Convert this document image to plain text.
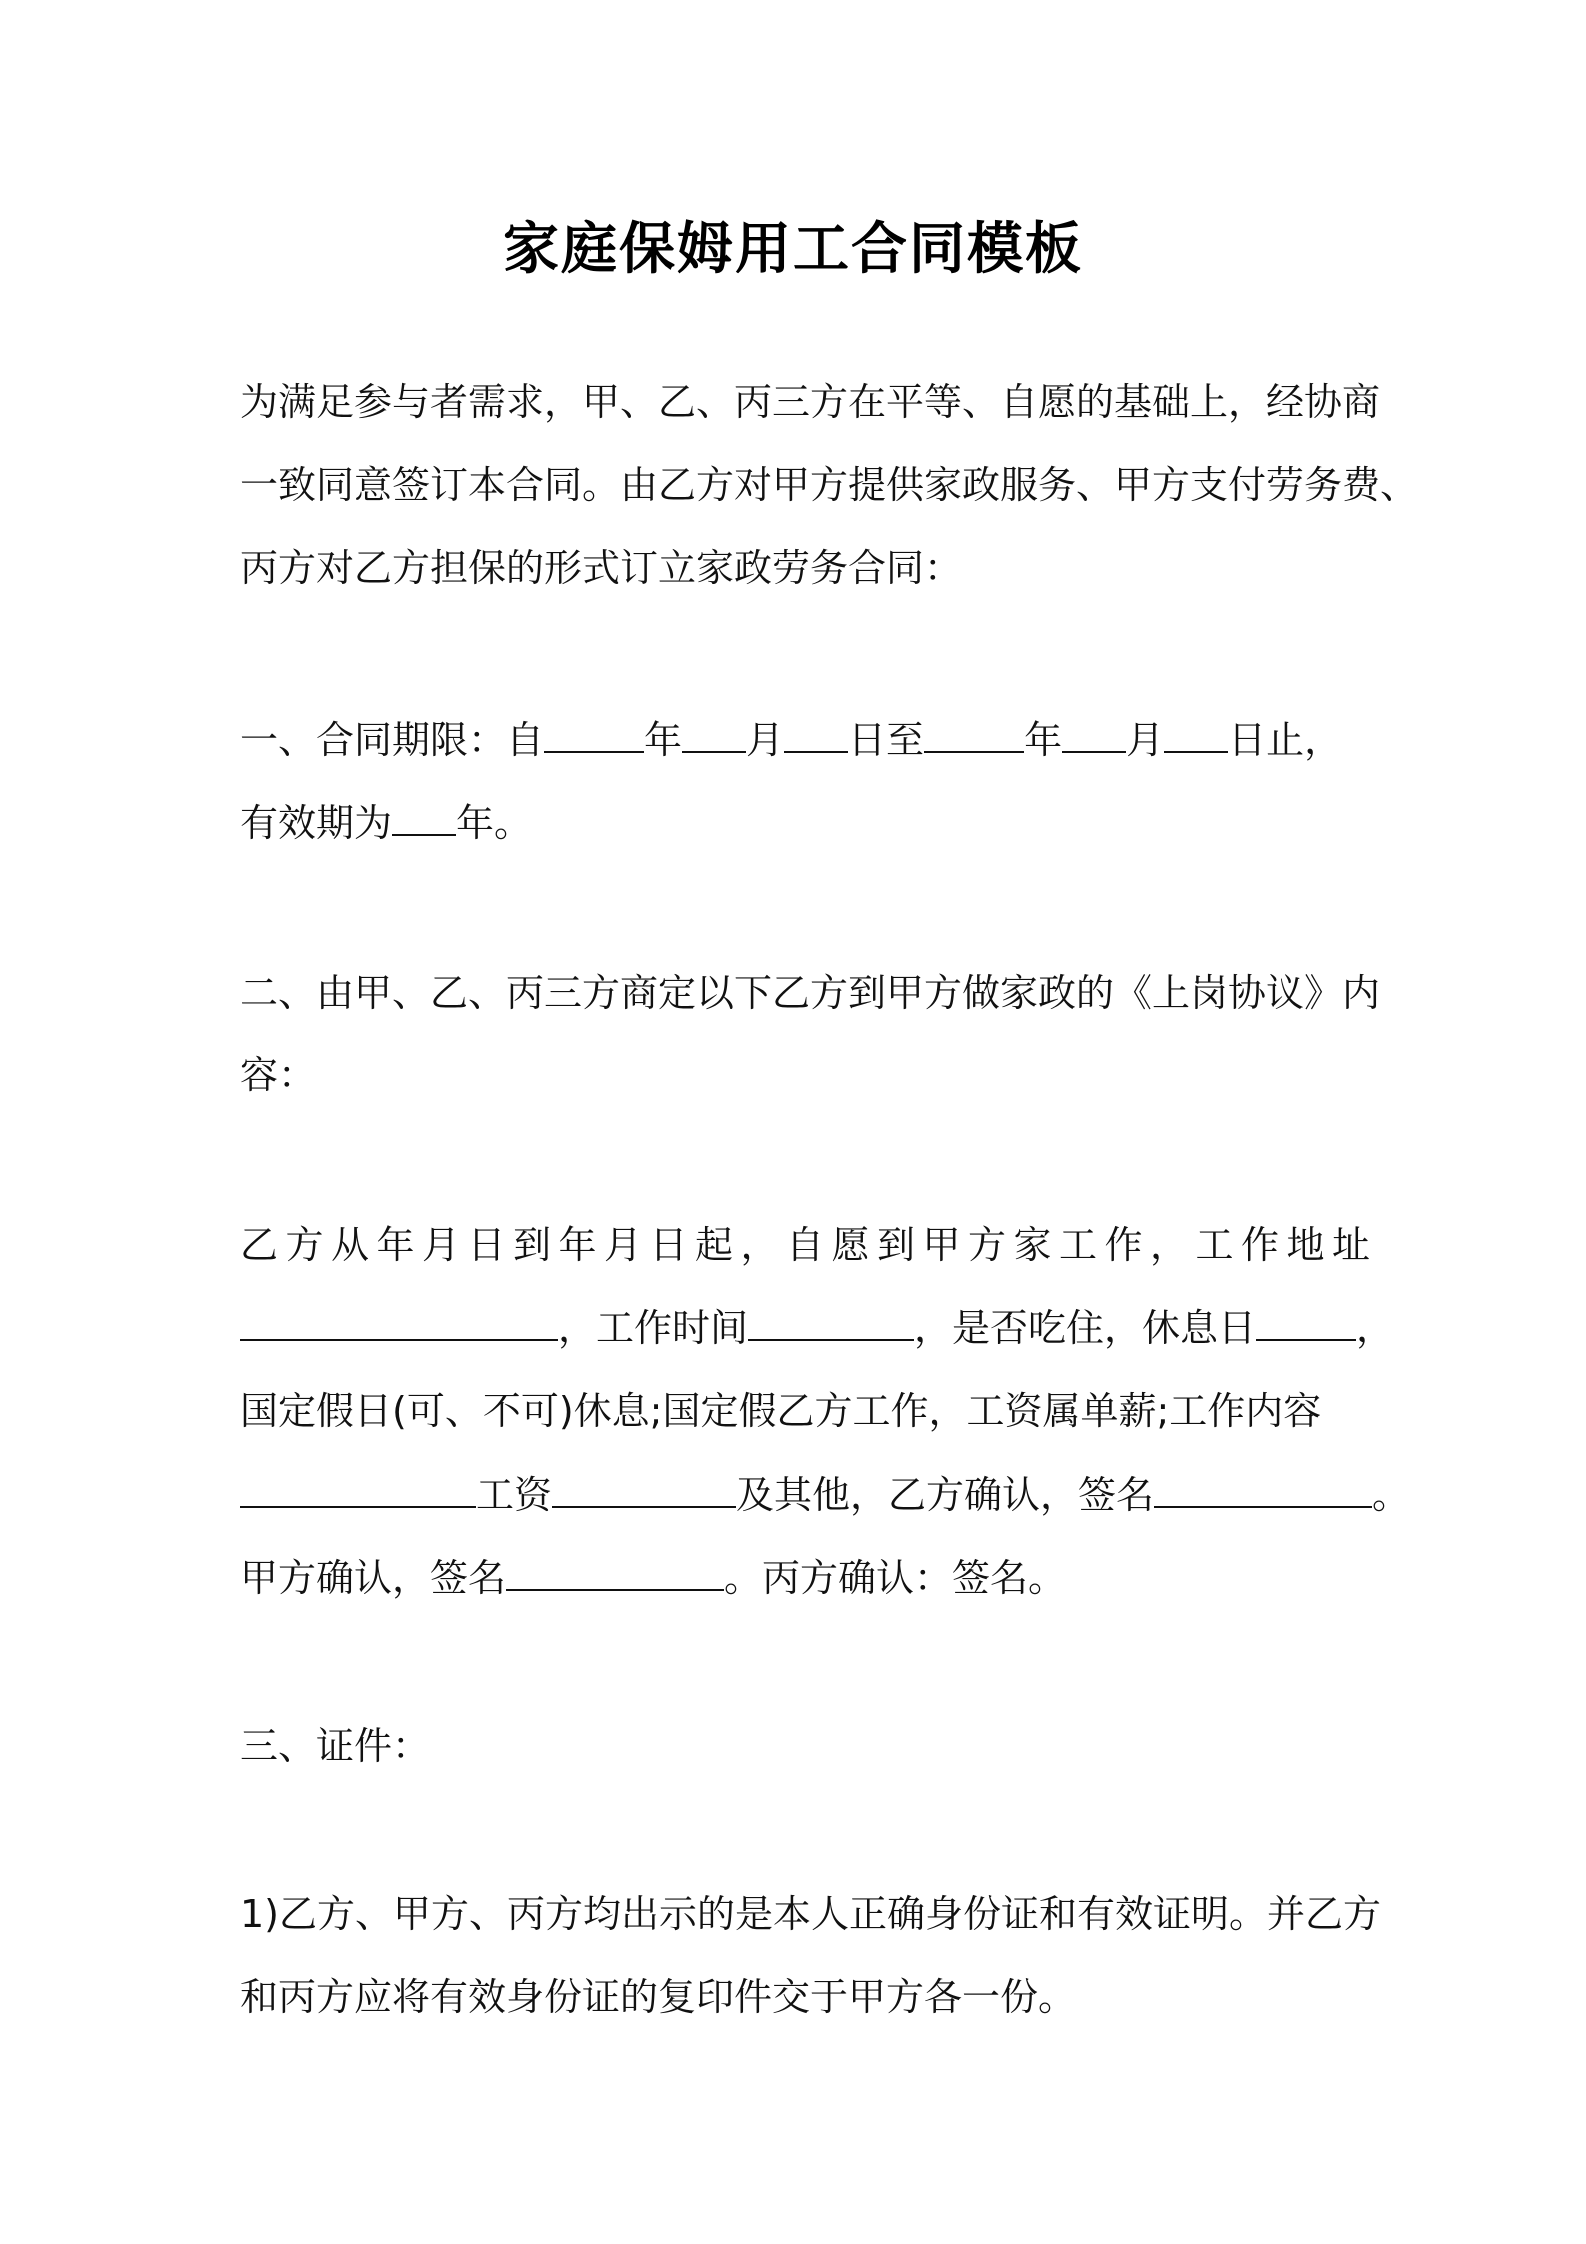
家庭保姆用工合同模板
为满足参与者需求，甲、乙、丙三方在平等、自愿的基础上，经协商
一致同意签订本合同。由乙方对甲方提供家政服务、甲方支付劳务费、
丙方对乙方担保的形式订立家政劳务合同：
一、合同期限：自	年 月 日至	年 月 日止，
有效期为 年。
二、由甲、乙、丙三方商定以下乙方到甲方做家政的《上岗协议》内
容：
乙方从年月日到年月日起，自愿到甲方家工作，工作地址
，工作时间	，是否吃住，休息日	，
国定假日(可、不可)休息;国定假乙方工作，工资属单薪;工作内容
工资	及其他，乙方确认，签名	。
甲方确认，签名	。丙方确认：签名。
三、证件：
1)乙方、甲方、丙方均出示的是本人正确身份证和有效证明。并乙方
和丙方应将有效身份证的复印件交于甲方各一份。
